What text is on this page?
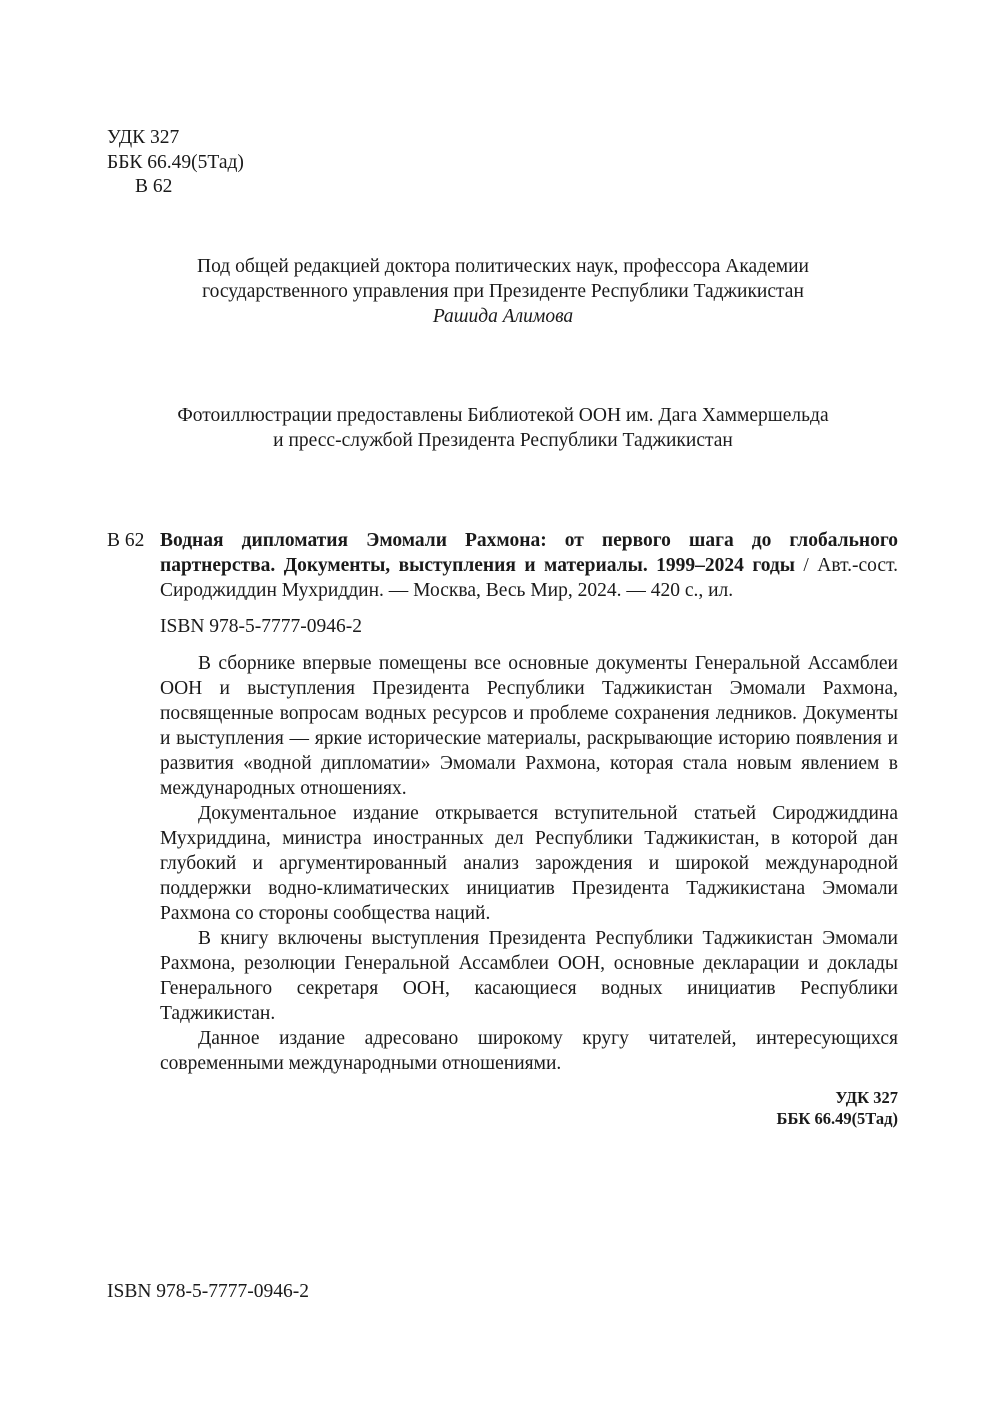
УДК 327
ББК 66.49(5Тад)
В 62
Под общей редакцией доктора политических наук, профессора Академии
государственного управления при Президенте Республики Таджикистан
Рашида Алимова
Фотоиллюстрации предоставлены Библиотекой ООН им. Дага Хаммершельда
и пресс-службой Президента Республики Таджикистан
В 62 Водная дипломатия Эмомали Рахмона: от первого шага до глобального партнерства. Документы, выступления и материалы. 1999–2024 годы / Авт.-сост. Сироджиддин Мухриддин. — Москва, Весь Мир, 2024. — 420 с., ил.
ISBN 978-5-7777-0946-2

В сборнике впервые помещены все основные документы Генеральной Ассамблеи ООН и выступления Президента Республики Таджикистан Эмомали Рахмона, посвященные вопросам водных ресурсов и проблеме сохранения ледников. Документы и выступления — яркие исторические материалы, раскрывающие историю появления и развития «водной дипломатии» Эмомали Рахмона, которая стала новым явлением в международных отношениях.

Документальное издание открывается вступительной статьей Сироджиддина Мухриддина, министра иностранных дел Республики Таджикистан, в которой дан глубокий и аргументированный анализ зарождения и широкой международной поддержки водно-климатических инициатив Президента Таджикистана Эмомали Рахмона со стороны сообщества наций.

В книгу включены выступления Президента Республики Таджикистан Эмомали Рахмона, резолюции Генеральной Ассамблеи ООН, основные декларации и доклады Генерального секретаря ООН, касающиеся водных инициатив Республики Таджикистан.

Данное издание адресовано широкому кругу читателей, интересующихся современными международными отношениями.

УДК 327
ББК 66.49(5Тад)
ISBN 978-5-7777-0946-2
